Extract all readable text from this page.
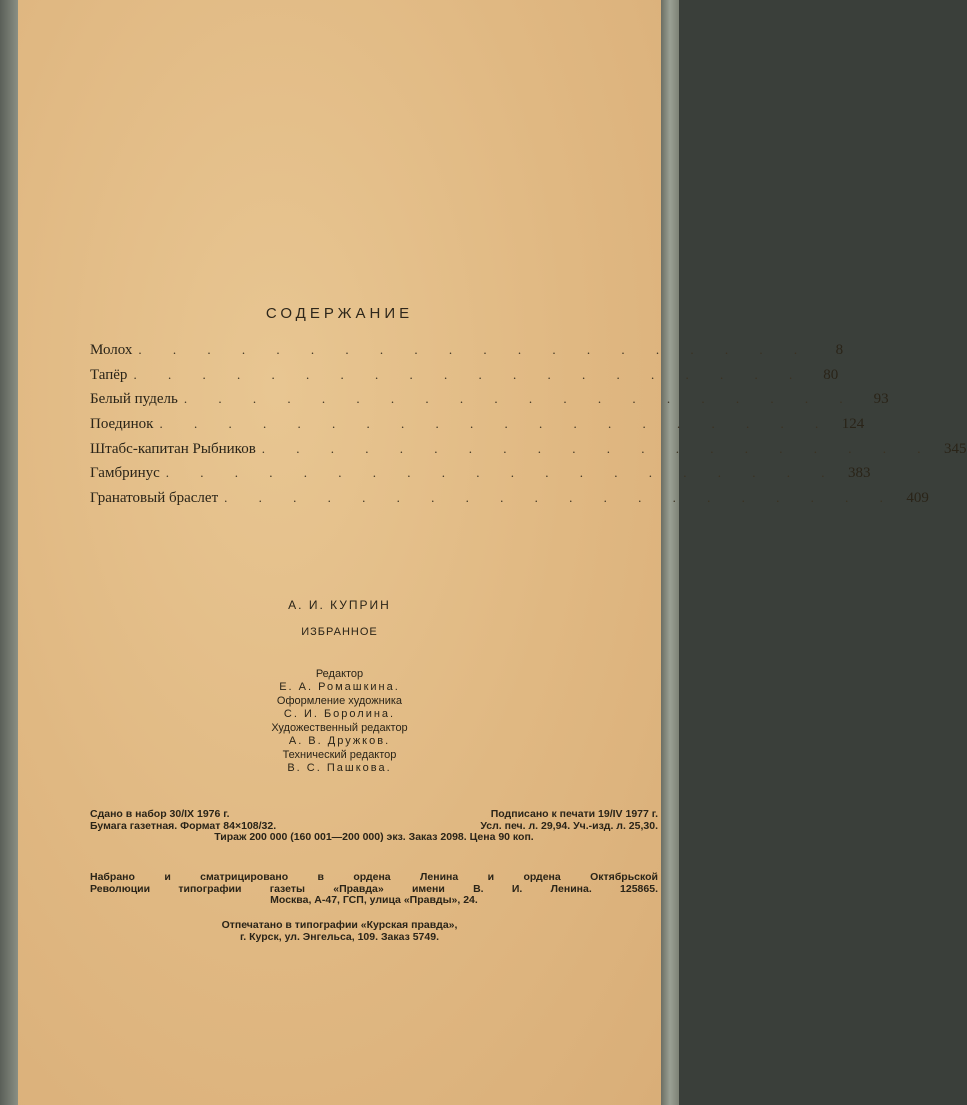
СОДЕРЖАНИЕ
Молох . . . . . . . . . . . . . . . . . . . .	8
Тапёр . . . . . . . . . . . . . . . . . . . .	80
Белый пудель . . . . . . . . . . . . . . . . . . . .	93
Поединок . . . . . . . . . . . . . . . . . . . . 124
Штабс-капитан Рыбников . . . . . . . . . . . . . . . . . . . . 345
Гамбринус . . . . . . . . . . . . . . . . . . . . 383
Гранатовый браслет . . . . . . . . . . . . . . . . . . . . 409
А. И. КУПРИН
ИЗБРАННОЕ
Редактор
Е. А. Ромашкина.
Оформление художника
С. И. Боролина.
Художественный редактор
А. В. Дружков.
Технический редактор
В. С. Пашкова.
Сдано в набор 30/IX 1976 г.	Подписано к печати 19/IV 1977 г.
Бумага газетная. Формат 84×108/32.	Усл. печ. л. 29,94. Уч.-изд. л. 25,30.
Тираж 200 000 (160 001—200 000) экз. Заказ 2098. Цена 90 коп.
Набрано и сматрицировано в ордена Ленина и ордена Октябрьской
Революции типографии газеты «Правда» имени В. И. Ленина. 125865.
Москва, А-47, ГСП, улица «Правды», 24.
Отпечатано в типографии «Курская правда»,
г. Курск, ул. Энгельса, 109. Заказ 5749.
